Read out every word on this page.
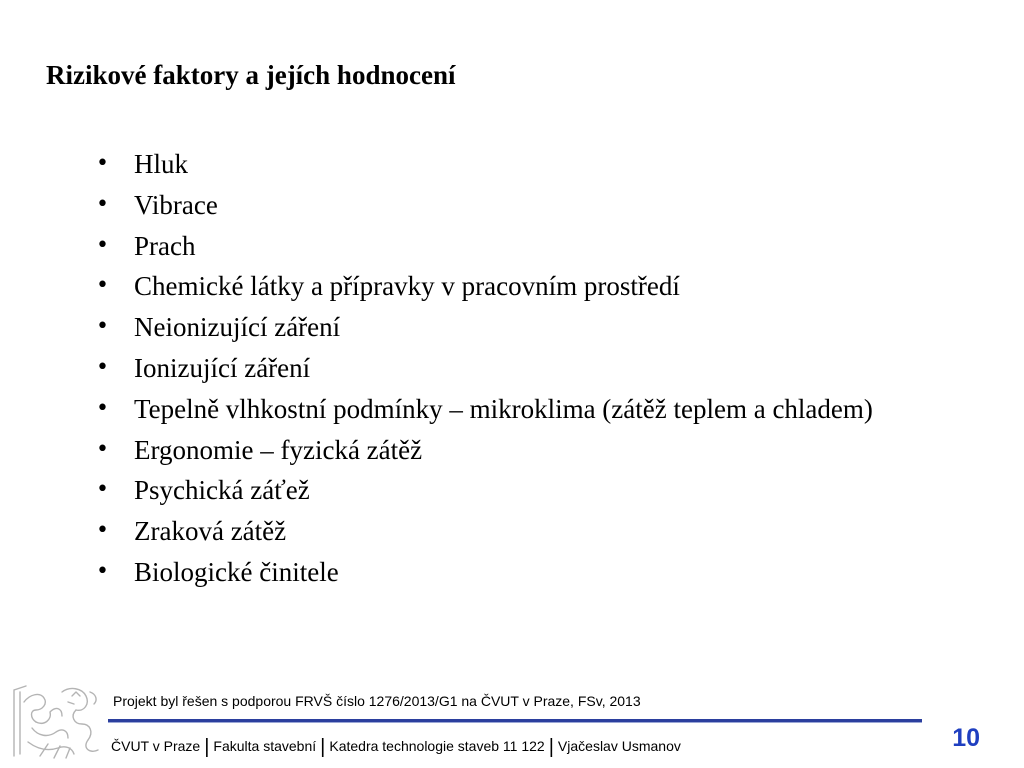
Rizikové faktory a jejích hodnocení
• Hluk
• Vibrace
• Prach
• Chemické látky a přípravky v pracovním prostředí
• Neionizující záření
• Ionizující záření
• Tepelně vlhkostní podmínky – mikroklima (zátěž teplem a chladem)
• Ergonomie – fyzická zátěž
• Psychická záťež
• Zraková zátěž
• Biologické činitele
Projekt byl řešen s podporou FRVŠ číslo 1276/2013/G1 na ČVUT v Praze, FSv, 2013
ČVUT v Praze | Fakulta stavební | Katedra technologie staveb 11 122 | Vjačeslav Usmanov	10
